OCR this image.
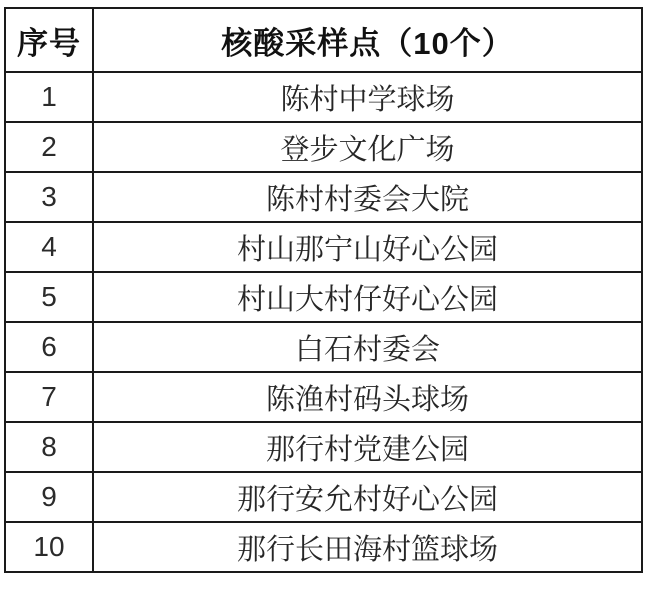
序号	核酸采样点（10个）
1	陈村中学球场
2	登步文化广场
3	陈村村委会大院
4	村山那宁山好心公园
5	村山大村仔好心公园
6	白石村委会
7	陈渔村码头球场
8	那行村党建公园
9	那行安允村好心公园
10	那行长田海村篮球场
